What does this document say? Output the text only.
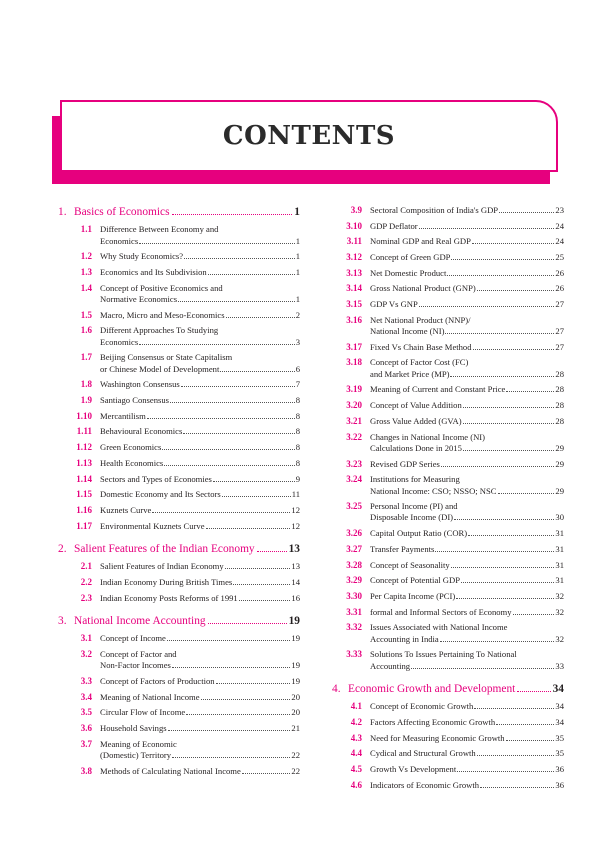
CONTENTS
1. Basics of Economics	1
1.1 Difference Between Economy and
Economics	1
1.2 Why Study Economics?	1
1.3 Economics and Its Subdivision	1
1.4 Concept of Positive Economics and
Normative Economics	1
1.5 Macro, Micro and Meso-Economics	2
1.6 Different Approaches To Studying
Economics	3
1.7 Beijing Consensus or State Capitalism
or Chinese Model of Development	6
1.8 Washington Consensus	7
1.9 Santiago Consensus	8
1.10 Mercantilism	8
1.11 Behavioural Economics	8
1.12 Green Economics	8
1.13 Health Economics	8
1.14 Sectors and Types of Economies	9
1.15 Domestic Economy and Its Sectors	11
1.16 Kuznets Curve	12
1.17 Environmental Kuznets Curve	12
2. Salient Features of the Indian Economy	13
2.1 Salient Features of Indian Economy	13
2.2 Indian Economy During British Times	14
2.3 Indian Economy Posts Reforms of 1991	16
3. National Income Accounting	19
3.1 Concept of Income	19
3.2 Concept of Factor and
Non-Factor Incomes	19
3.3 Concept of Factors of Production	19
3.4 Meaning of National Income	20
3.5 Circular Flow of Income	20
3.6 Household Savings	21
3.7 Meaning of Economic
(Domestic) Territory	22
3.8 Methods of Calculating National Income	22
3.9 Sectoral Composition of India's GDP	23
3.10 GDP Deflator	24
3.11 Nominal GDP and Real GDP	24
3.12 Concept of Green GDP	25
3.13 Net Domestic Product	26
3.14 Gross National Product (GNP)	26
3.15 GDP Vs GNP	27
3.16 Net National Product (NNP)/
National Income (NI)	27
3.17 Fixed Vs Chain Base Method	27
3.18 Concept of Factor Cost (FC)
and Market Price (MP)	28
3.19 Meaning of Current and Constant Price	28
3.20 Concept of Value Addition	28
3.21 Gross Value Added (GVA)	28
3.22 Changes in National Income (NI)
Calculations Done in 2015	29
3.23 Revised GDP Series	29
3.24 Institutions for Measuring
National Income: CSO; NSSO; NSC	29
3.25 Personal Income (PI) and
Disposable Income (DI)	30
3.26 Capital Output Ratio (COR)	31
3.27 Transfer Payments	31
3.28 Concept of Seasonality	31
3.29 Concept of Potential GDP	31
3.30 Per Capita Income (PCI)	32
3.31 formal and Informal Sectors of Economy	32
3.32 Issues Associated with National Income
Accounting in India	32
3.33 Solutions To Issues Pertaining To National
Accounting	33
4. Economic Growth and Development	34
4.1 Concept of Economic Growth	34
4.2 Factors Affecting Economic Growth	34
4.3 Need for Measuring Economic Growth	35
4.4 Cydical and Structural Growth	35
4.5 Growth Vs Development	36
4.6 Indicators of Economic Growth	36
